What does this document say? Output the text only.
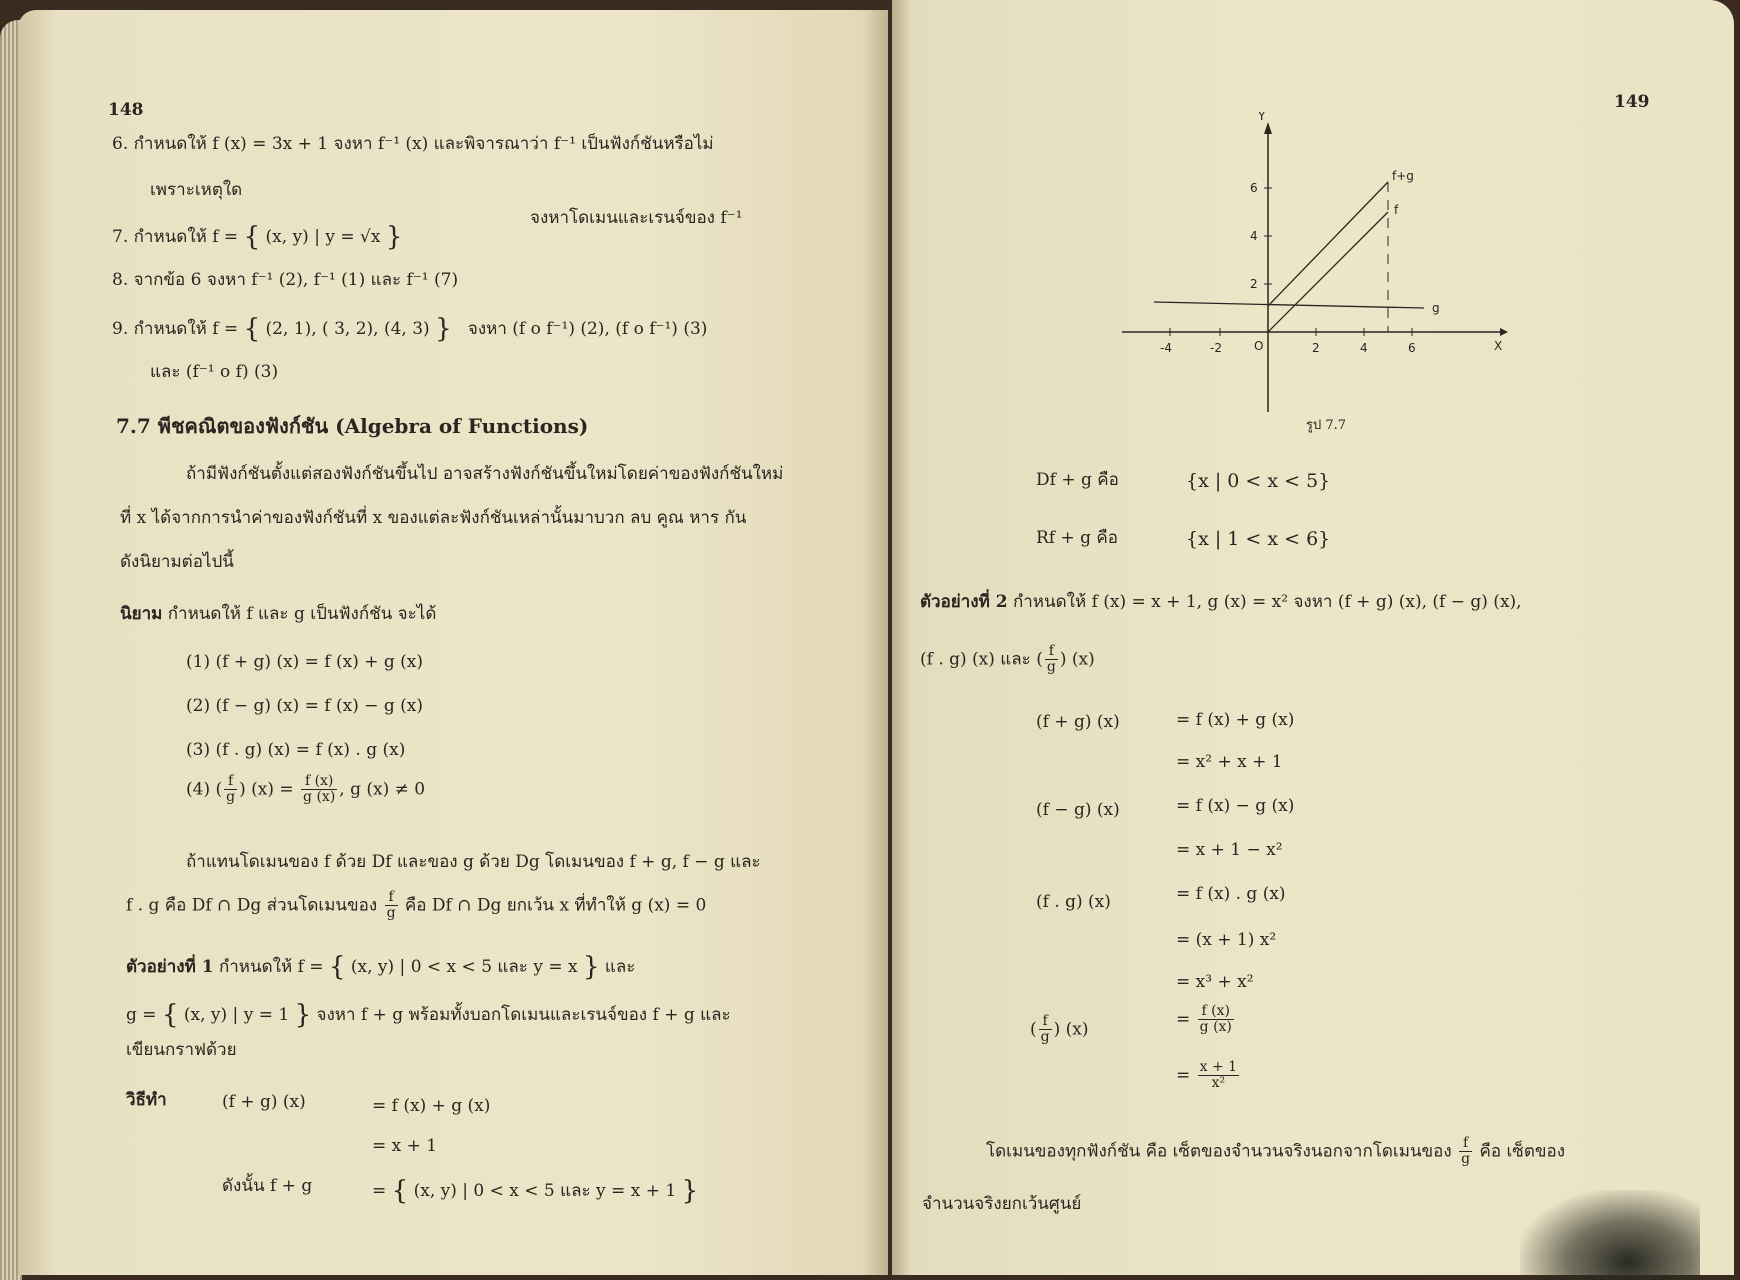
148
6. กำหนดให้ f (x) = 3x + 1 จงหา f⁻¹ (x) และพิจารณาว่า f⁻¹ เป็นฟังก์ชันหรือไม่
เพราะเหตุใด
7. กำหนดให้ f = { (x, y) | y = √x }
จงหาโดเมนและเรนจ์ของ f⁻¹
8. จากข้อ 6 จงหา f⁻¹ (2), f⁻¹ (1) และ f⁻¹ (7)
9. กำหนดให้ f = { (2, 1), ( 3, 2), (4, 3) } จงหา (f o f⁻¹) (2), (f o f⁻¹) (3)
และ (f⁻¹ o f) (3)
7.7 พีชคณิตของฟังก์ชัน (Algebra of Functions)
ถ้ามีฟังก์ชันตั้งแต่สองฟังก์ชันขึ้นไป อาจสร้างฟังก์ชันขึ้นใหม่โดยค่าของฟังก์ชันใหม่
ที่ x ได้จากการนำค่าของฟังก์ชันที่ x ของแต่ละฟังก์ชันเหล่านั้นมาบวก ลบ คูณ หาร กัน
ดังนิยามต่อไปนี้
นิยาม กำหนดให้ f และ g เป็นฟังก์ชัน จะได้
(1) (f + g) (x) = f (x) + g (x)
(2) (f − g) (x) = f (x) − g (x)
(3) (f . g) (x) = f (x) . g (x)
(4) ( $\frac{f}{g}$ ) $(x) = \frac{f (x)}{g (x)}$ , g (x) ≠ 0
ถ้าแทนโดเมนของ f ด้วย Df และของ g ด้วย Dg โดเมนของ f + g, f − g และ
f . g คือ Df ∩ Dg ส่วนโดเมนของ $\frac{f}{g}$ คือ Df ∩ Dg ยกเว้น x ที่ทำให้ g (x) = 0
ตัวอย่างที่ 1 กำหนดให้ f = { (x, y) | 0 < x < 5 และ y = x } และ
g = { (x, y) | y = 1 } จงหา f + g พร้อมทั้งบอกโดเมนและเรนจ์ของ f + g และ
เขียนกราฟด้วย
วิธีทำ	(f + g) (x)	= f (x) + g (x)
= x + 1
ดังนั้น f + g	= { (x, y) | 0 < x < 5 และ y = x + 1 }
149
Y
X
O
-4	-2	2	4	6
2
4
6
g
f
f+g
รูป 7.7
Df + g คือ	{x | 0 < x < 5}
Rf + g คือ	{x | 1 < x < 6}
ตัวอย่างที่ 2 กำหนดให้ f (x) = x + 1, g (x) = x² จงหา (f + g) (x), (f − g) (x),
(f . g) (x) และ ( $\frac{f}{g}$ ) (x)
(f + g) (x)	= f (x) + g (x)
= x² + x + 1
(f − g) (x)	= f (x) − g (x)
= x + 1 − x²
(f . g) (x)	= f (x) . g (x)
= (x + 1) x²
= x³ + x²
( $\frac{f}{g}$ ) (x)	= $\frac{f (x)}{g (x)}$
= $\frac{x + 1}{\text{x²}}$
โดเมนของทุกฟังก์ชัน คือ เซ็ตของจำนวนจริงนอกจากโดเมนของ $\frac{f}{g}$ คือ เซ็ตของ
จำนวนจริงยกเว้นศูนย์
